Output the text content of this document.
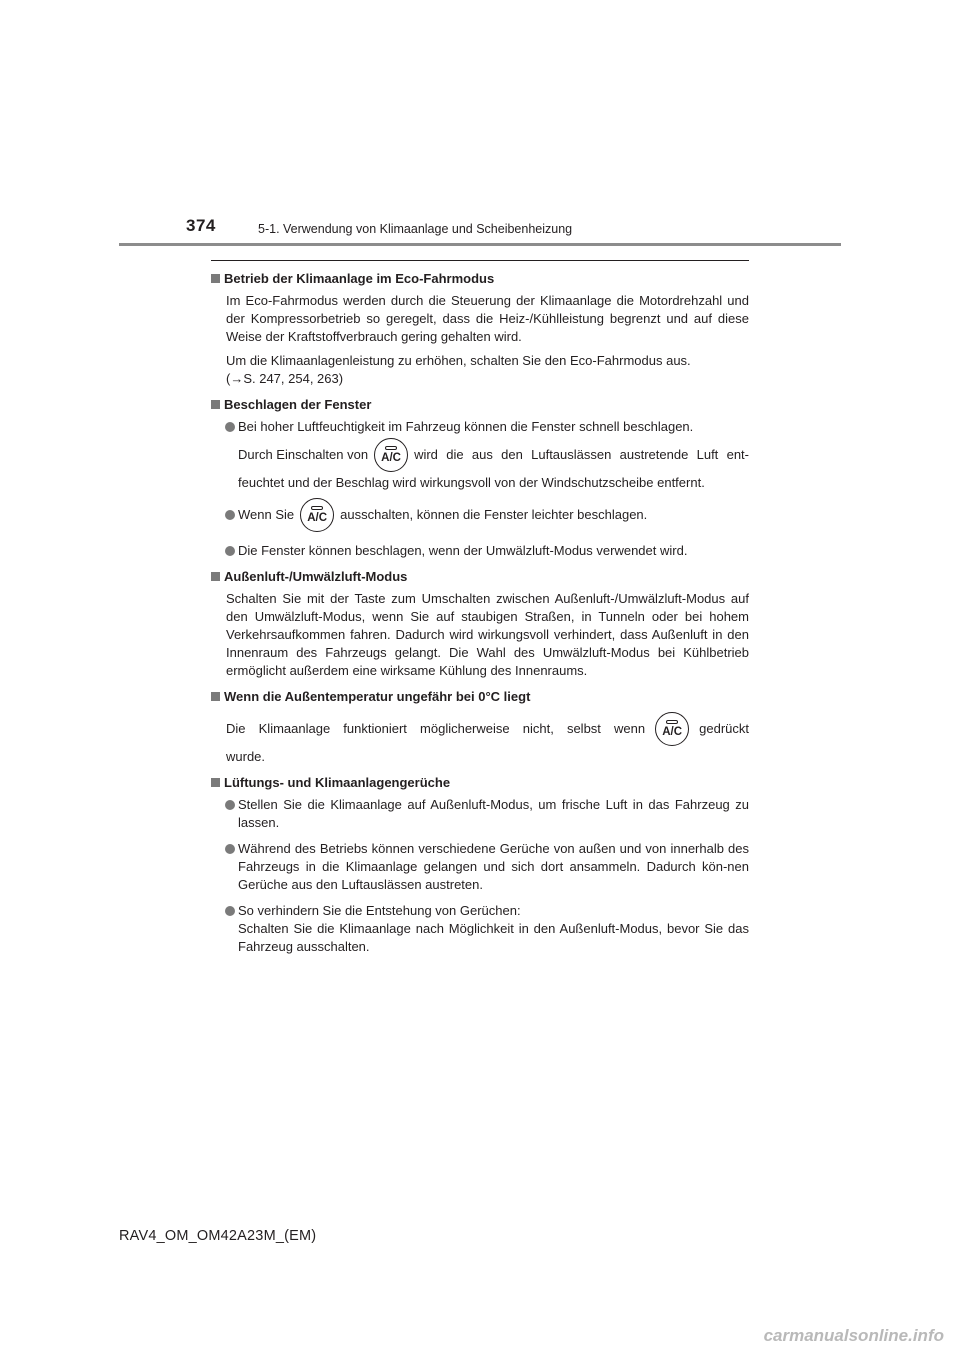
374	5-1. Verwendung von Klimaanlage und Scheibenheizung
Betrieb der Klimaanlage im Eco-Fahrmodus

Im Eco-Fahrmodus werden durch die Steuerung der Klimaanlage die Motordrehzahl und der Kompressorbetrieb so geregelt, dass die Heiz-/Kühlleistung begrenzt und auf diese Weise der Kraftstoffverbrauch gering gehalten wird.

Um die Klimaanlagenleistung zu erhöhen, schalten Sie den Eco-Fahrmodus aus.
(→S. 247, 254, 263)

Beschlagen der Fenster
Bei hoher Luftfeuchtigkeit im Fahrzeug können die Fenster schnell beschlagen.
Durch Einschalten von A/C wird die aus den Luftauslässen austretende Luft ent-
feuchtet und der Beschlag wird wirkungsvoll von der Windschutzscheibe entfernt.
Wenn Sie A/C ausschalten, können die Fenster leichter beschlagen.
Die Fenster können beschlagen, wenn der Umwälzluft-Modus verwendet wird.
Außenluft-/Umwälzluft-Modus

Schalten Sie mit der Taste zum Umschalten zwischen Außenluft-/Umwälzluft-Modus auf den Umwälzluft-Modus, wenn Sie auf staubigen Straßen, in Tunneln oder bei hohem Verkehrsaufkommen fahren. Dadurch wird wirkungsvoll verhindert, dass Außenluft in den Innenraum des Fahrzeugs gelangt. Die Wahl des Umwälzluft-Modus bei Kühlbetrieb ermöglicht außerdem eine wirksame Kühlung des Innenraums.

Wenn die Außentemperatur ungefähr bei 0°C liegt
Die Klimaanlage funktioniert möglicherweise nicht, selbst wenn A/C gedrückt
wurde.
Lüftungs- und Klimaanlagengerüche
Stellen Sie die Klimaanlage auf Außenluft-Modus, um frische Luft in das Fahrzeug zu lassen.
Während des Betriebs können verschiedene Gerüche von außen und von innerhalb des Fahrzeugs in die Klimaanlage gelangen und sich dort ansammeln. Dadurch kön-nen Gerüche aus den Luftauslässen austreten.
So verhindern Sie die Entstehung von Gerüchen:
Schalten Sie die Klimaanlage nach Möglichkeit in den Außenluft-Modus, bevor Sie das Fahrzeug ausschalten.
RAV4_OM_OM42A23M_(EM)
carmanualsonline.info
